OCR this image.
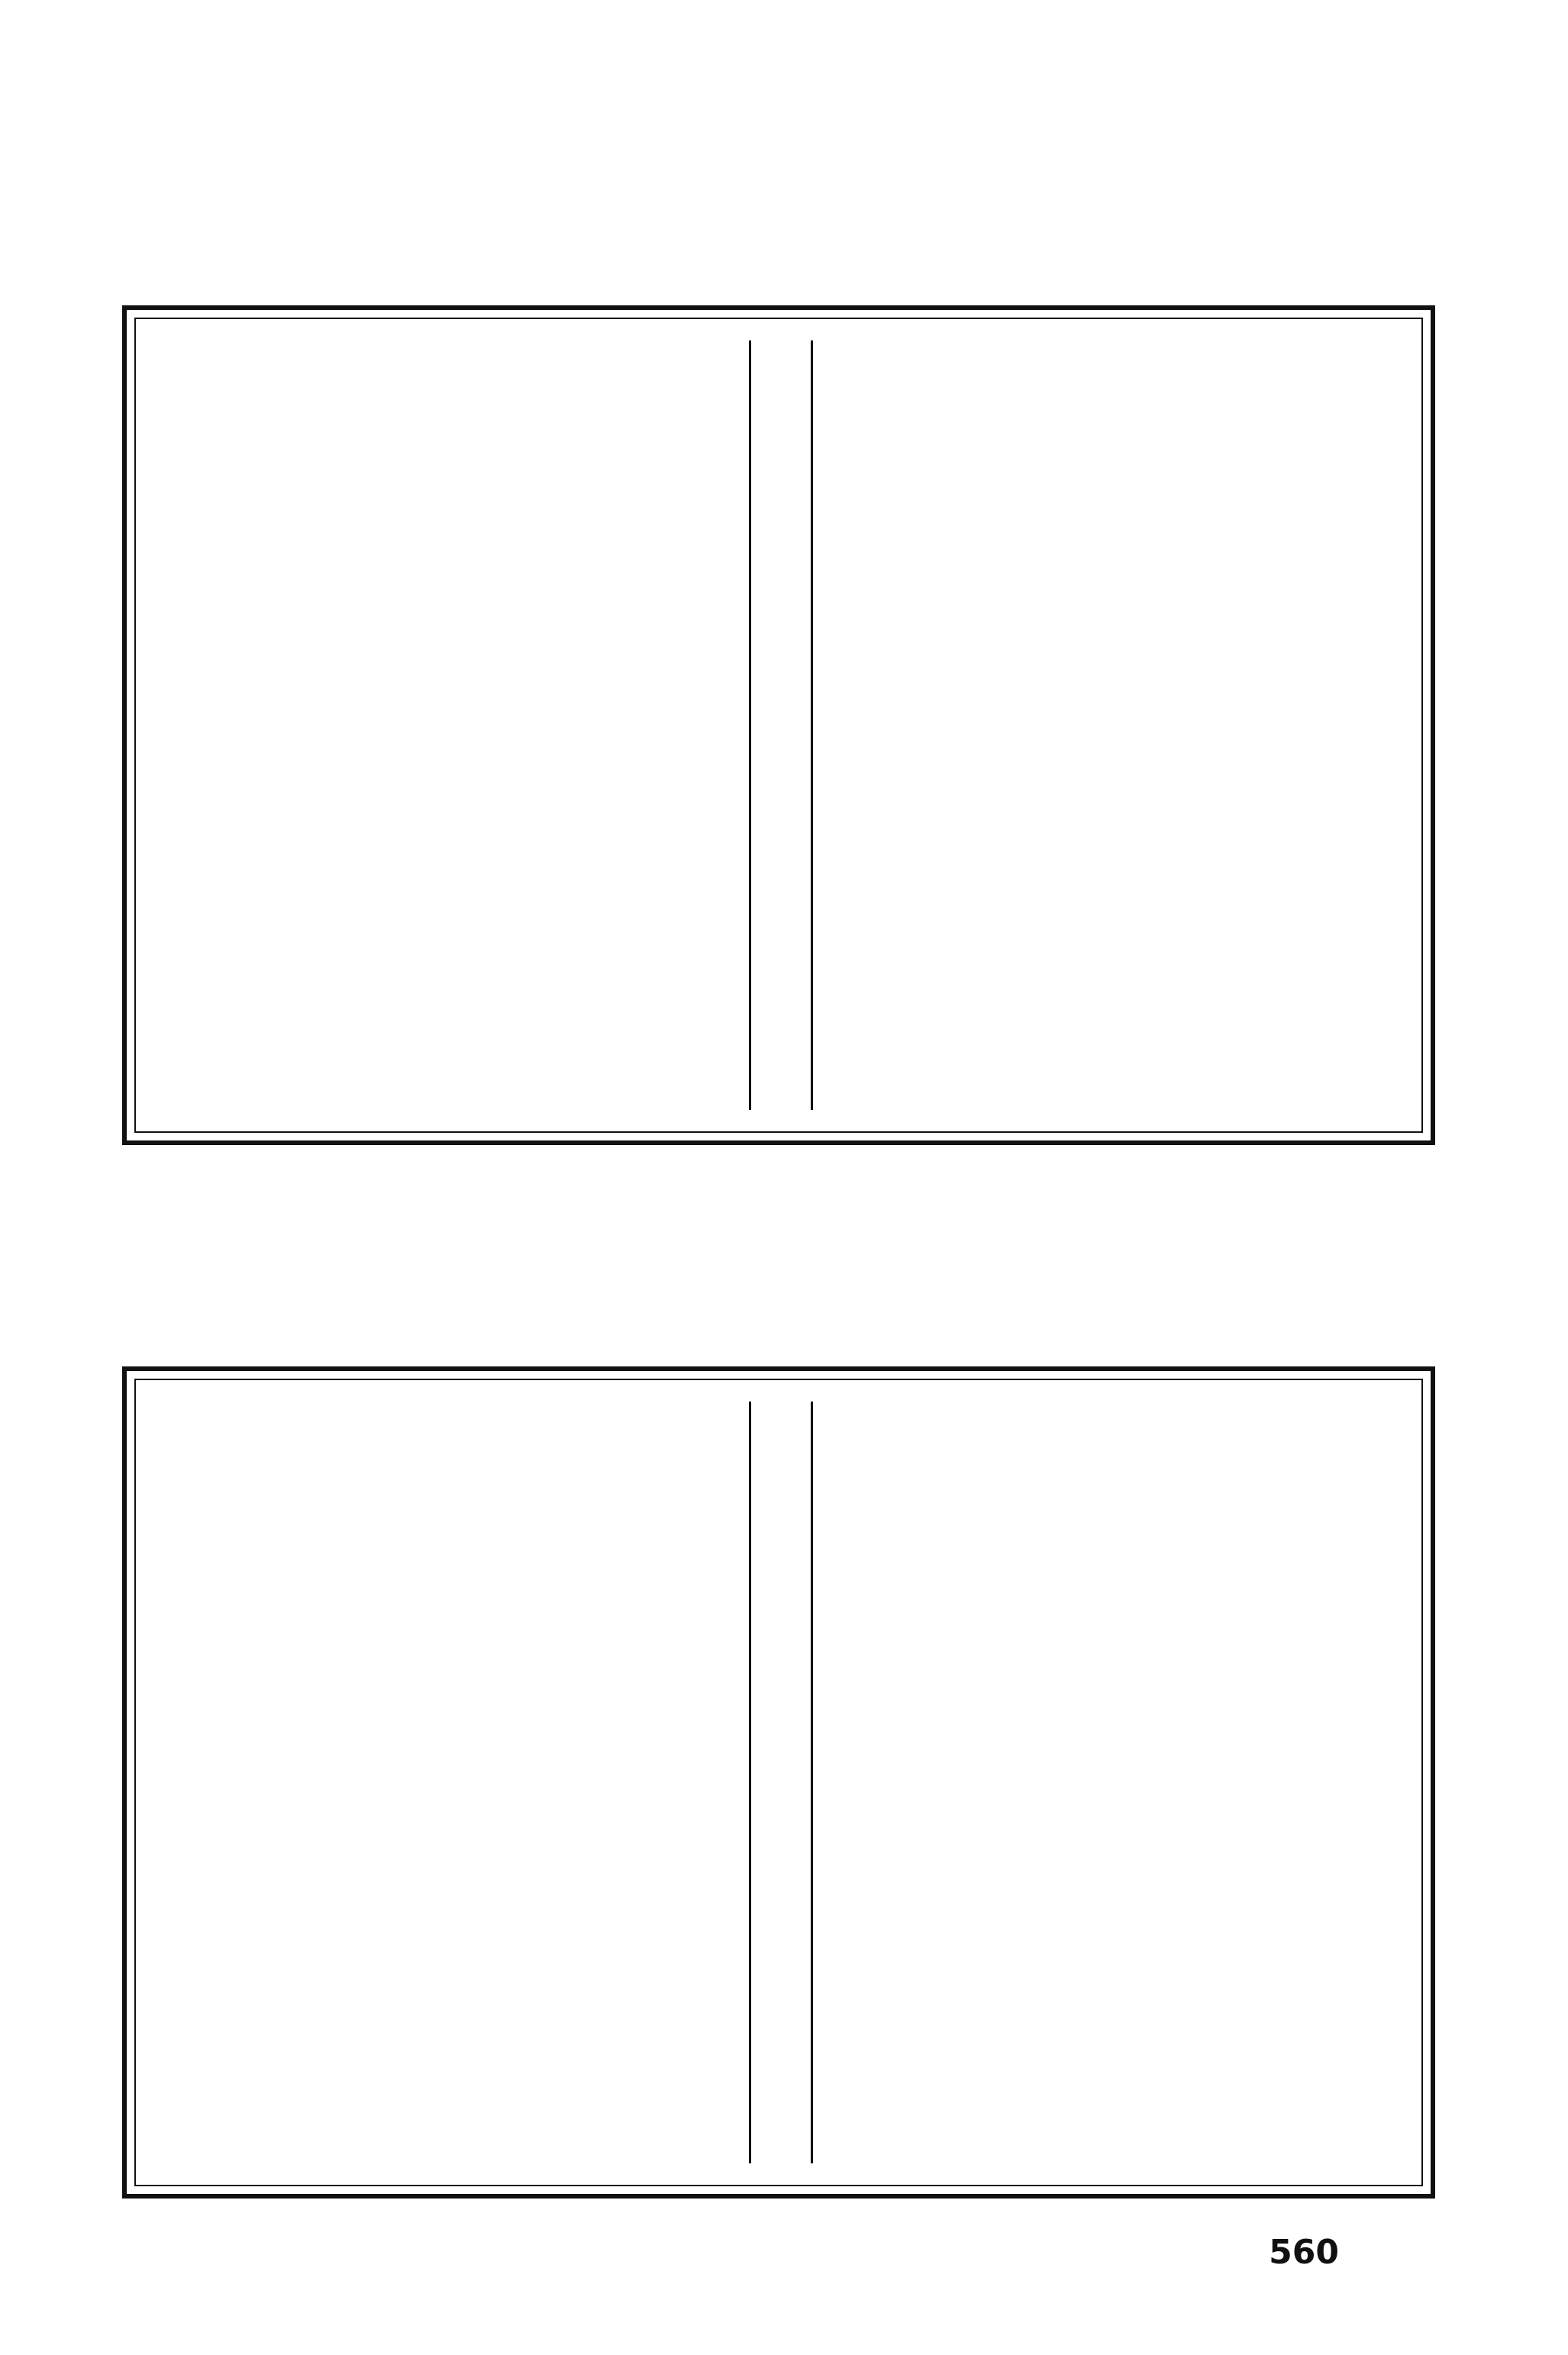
560
